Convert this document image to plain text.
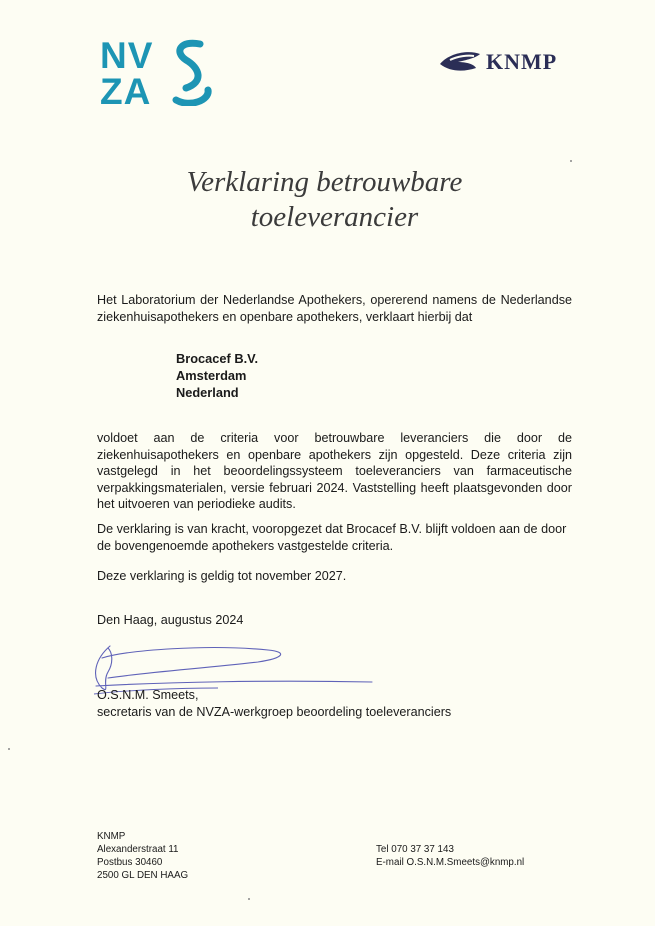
NV
ZA
KNMP
Verklaring betrouwbare
toeleverancier
Het Laboratorium der Nederlandse Apothekers, opererend namens de Nederlandse ziekenhuisapothekers en openbare apothekers, verklaart hierbij dat
Brocacef B.V.
Amsterdam
Nederland
voldoet aan de criteria voor betrouwbare leveranciers die door de ziekenhuisapothekers en openbare apothekers zijn opgesteld. Deze criteria zijn vastgelegd in het beoordelingssysteem toeleveranciers van farmaceutische verpakkingsmaterialen, versie februari 2024. Vaststelling heeft plaatsgevonden door het uitvoeren van periodieke audits.
De verklaring is van kracht, vooropgezet dat Brocacef B.V. blijft voldoen aan de door de bovengenoemde apothekers vastgestelde criteria.
Deze verklaring is geldig tot november 2027.
Den Haag, augustus 2024
O.S.N.M. Smeets,
secretaris van de NVZA-werkgroep beoordeling toeleveranciers
KNMP
Alexanderstraat 11
Postbus 30460
2500 GL DEN HAAG
Tel 070 37 37 143
E-mail O.S.N.M.Smeets@knmp.nl
